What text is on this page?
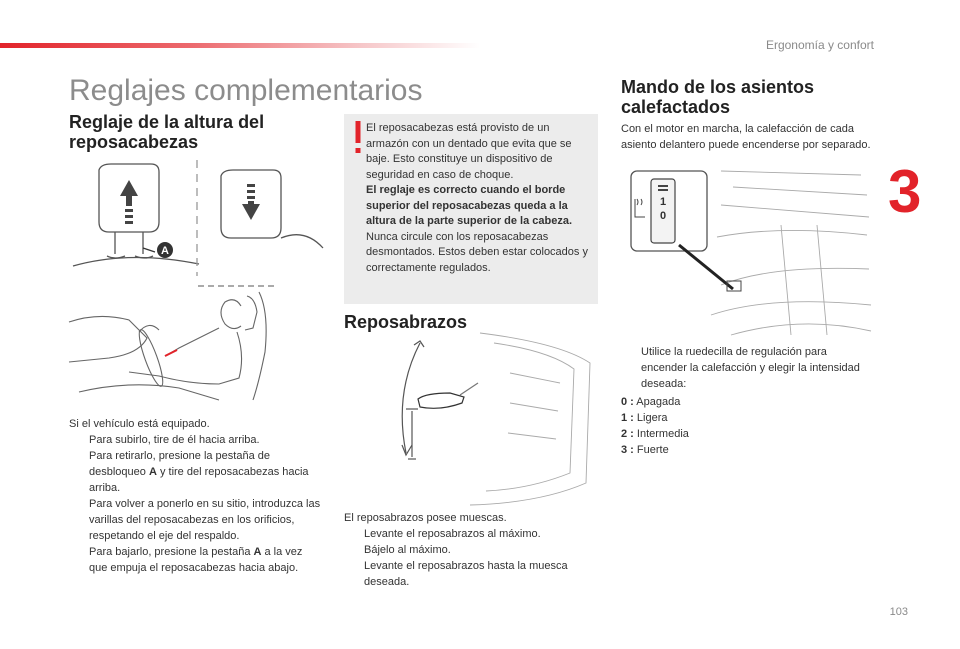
Ergonomía y confort
3
103
Reglajes complementarios
Reglaje de la altura del reposacabezas
A
Si el vehículo está equipado.
Para subirlo, tire de él hacia arriba.
Para retirarlo, presione la pestaña de desbloqueo A y tire del reposacabezas hacia arriba.
Para volver a ponerlo en su sitio, introduzca las varillas del reposacabezas en los orificios, respetando el eje del respaldo.
Para bajarlo, presione la pestaña A a la vez que empuja el reposacabezas hacia abajo.
El reposacabezas está provisto de un armazón con un dentado que evita que se baje. Esto constituye un dispositivo de seguridad en caso de choque.
El reglaje es correcto cuando el borde superior del reposacabezas queda a la altura de la parte superior de la cabeza.
Nunca circule con los reposacabezas desmontados. Estos deben estar colocados y correctamente regulados.
Reposabrazos
El reposabrazos posee muescas.
Levante el reposabrazos al máximo.
Bájelo al máximo.
Levante el reposabrazos hasta la muesca deseada.
Mando de los asientos calefactados
Con el motor en marcha, la calefacción de cada asiento delantero puede encenderse por separado.
1
0
Utilice la ruedecilla de regulación para encender la calefacción y elegir la intensidad deseada:
0 : Apagada
1 : Ligera
2 : Intermedia
3 : Fuerte
